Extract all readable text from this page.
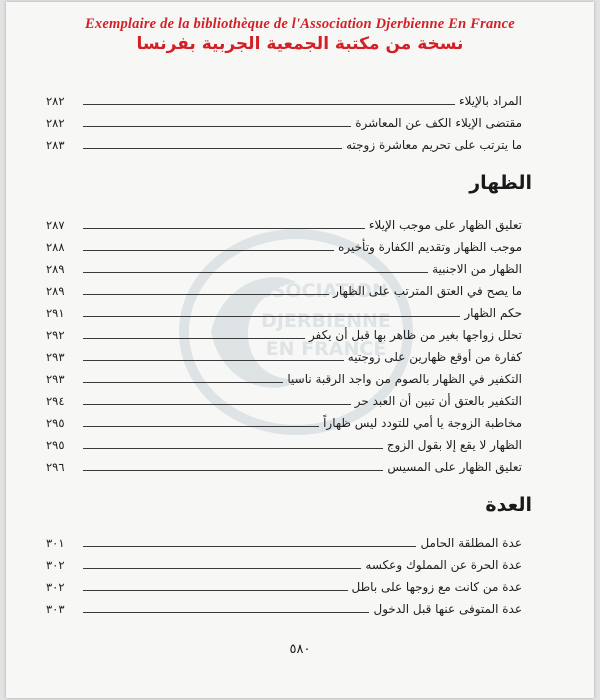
Exemplaire de la bibliothèque de l'Association Djerbienne En France
نسخة من مكتبة الجمعية الجربية بفرنسا
ASSOCIATION
DJERBIENNE
EN FRANCE
المراد بالإيلاء
٢٨٢
مقتضى الإيلاء الكف عن المعاشرة
٢٨٢
ما يترتب على تحريم معاشرة زوجته
٢٨٣
الظهار
تعليق الظهار على موجب الإيلاء
٢٨٧
موجب الظهار وتقديم الكفارة وتأخيره
٢٨٨
الظهار من الاجنبية
٢٨٩
ما يصح في العتق المترتب على الظهار
٢٨٩
حكم الظهار
٢٩١
تحلل زواجها بغير من ظاهر بها قبل أن يكفر
٢٩٢
كفارة من أوقع ظهارين على زوجتيه
٢٩٣
التكفير في الظهار بالصوم من واجد الرقبة ناسيا
٢٩٣
التكفير بالعتق أن تبين أن العبد حر
٢٩٤
مخاطبة الزوجة يا أمي للتودد ليس ظهاراً
٢٩٥
الظهار لا يقع إلا بقول الزوج
٢٩٥
تعليق الظهار على المسيس
٢٩٦
العدة
عدة المطلقة الحامل
٣٠١
عدة الحرة عن المملوك وعكسه
٣٠٢
عدة من كانت مع زوجها على باطل
٣٠٢
عدة المتوفى عنها قبل الدخول
٣٠٣
٥٨٠
